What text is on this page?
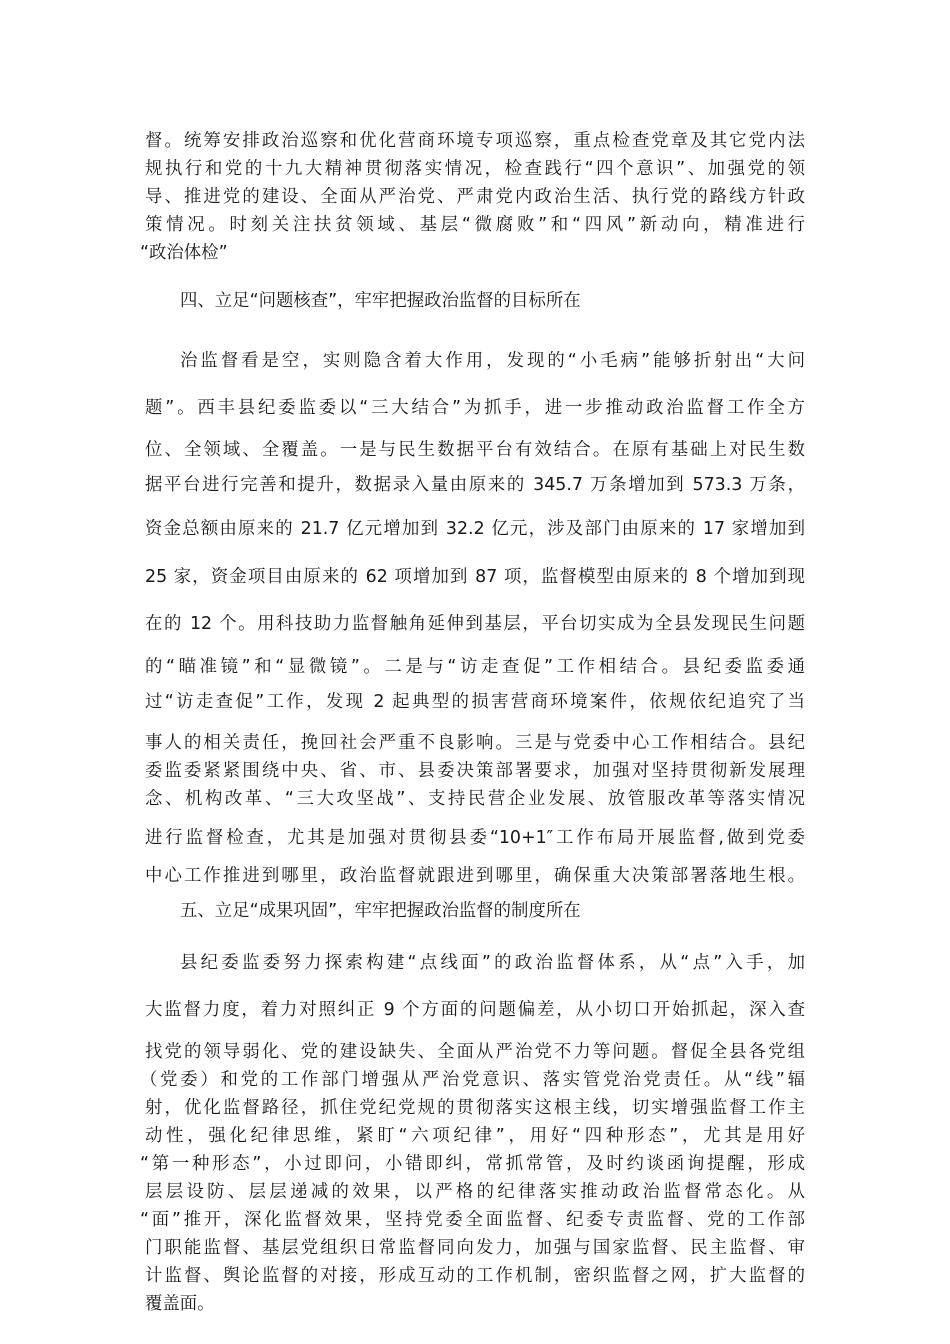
督。统筹安排政治巡察和优化营商环境专项巡察，重点检查党章及其它党内法
规执行和党的十九大精神贯彻落实情况，检查践行“四个意识”、加强党的领
导、推进党的建设、全面从严治党、严肃党内政治生活、执行党的路线方针政
策情况。时刻关注扶贫领域、基层“微腐败”和“四风”新动向，精准进行
“政治体检”
四、立足“问题核查”，牢牢把握政治监督的目标所在
治监督看是空，实则隐含着大作用，发现的“小毛病”能够折射出“大问
题”。西丰县纪委监委以“三大结合”为抓手，进一步推动政治监督工作全方
位、全领域、全覆盖。一是与民生数据平台有效结合。在原有基础上对民生数
据平台进行完善和提升，数据录入量由原来的 345.7 万条增加到 573.3 万条，
资金总额由原来的 21.7 亿元增加到 32.2 亿元，涉及部门由原来的 17 家增加到
25 家，资金项目由原来的 62 项增加到 87 项，监督模型由原来的 8 个增加到现
在的 12 个。用科技助力监督触角延伸到基层，平台切实成为全县发现民生问题
的“瞄准镜”和“显微镜”。二是与“访走查促”工作相结合。县纪委监委通
过“访走查促”工作，发现 2 起典型的损害营商环境案件，依规依纪追究了当
事人的相关责任，挽回社会严重不良影响。三是与党委中心工作相结合。县纪
委监委紧紧围绕中央、省、市、县委决策部署要求，加强对坚持贯彻新发展理
念、机构改革、“三大攻坚战”、支持民营企业发展、放管服改革等落实情况
进行监督检查，尤其是加强对贯彻县委“10+1″工作布局开展监督,做到党委
中心工作推进到哪里，政治监督就跟进到哪里，确保重大决策部署落地生根。
五、立足“成果巩固”，牢牢把握政治监督的制度所在
县纪委监委努力探索构建“点线面”的政治监督体系，从“点”入手，加
大监督力度，着力对照纠正 9 个方面的问题偏差，从小切口开始抓起，深入查
找党的领导弱化、党的建设缺失、全面从严治党不力等问题。督促全县各党组
（党委）和党的工作部门增强从严治党意识、落实管党治党责任。从“线”辐
射，优化监督路径，抓住党纪党规的贯彻落实这根主线，切实增强监督工作主
动性，强化纪律思维，紧盯“六项纪律”，用好“四种形态”，尤其是用好
“第一种形态”，小过即问，小错即纠，常抓常管，及时约谈函询提醒，形成
层层设防、层层递减的效果，以严格的纪律落实推动政治监督常态化。从
“面”推开，深化监督效果，坚持党委全面监督、纪委专责监督、党的工作部
门职能监督、基层党组织日常监督同向发力，加强与国家监督、民主监督、审
计监督、舆论监督的对接，形成互动的工作机制，密织监督之网，扩大监督的
覆盖面。
